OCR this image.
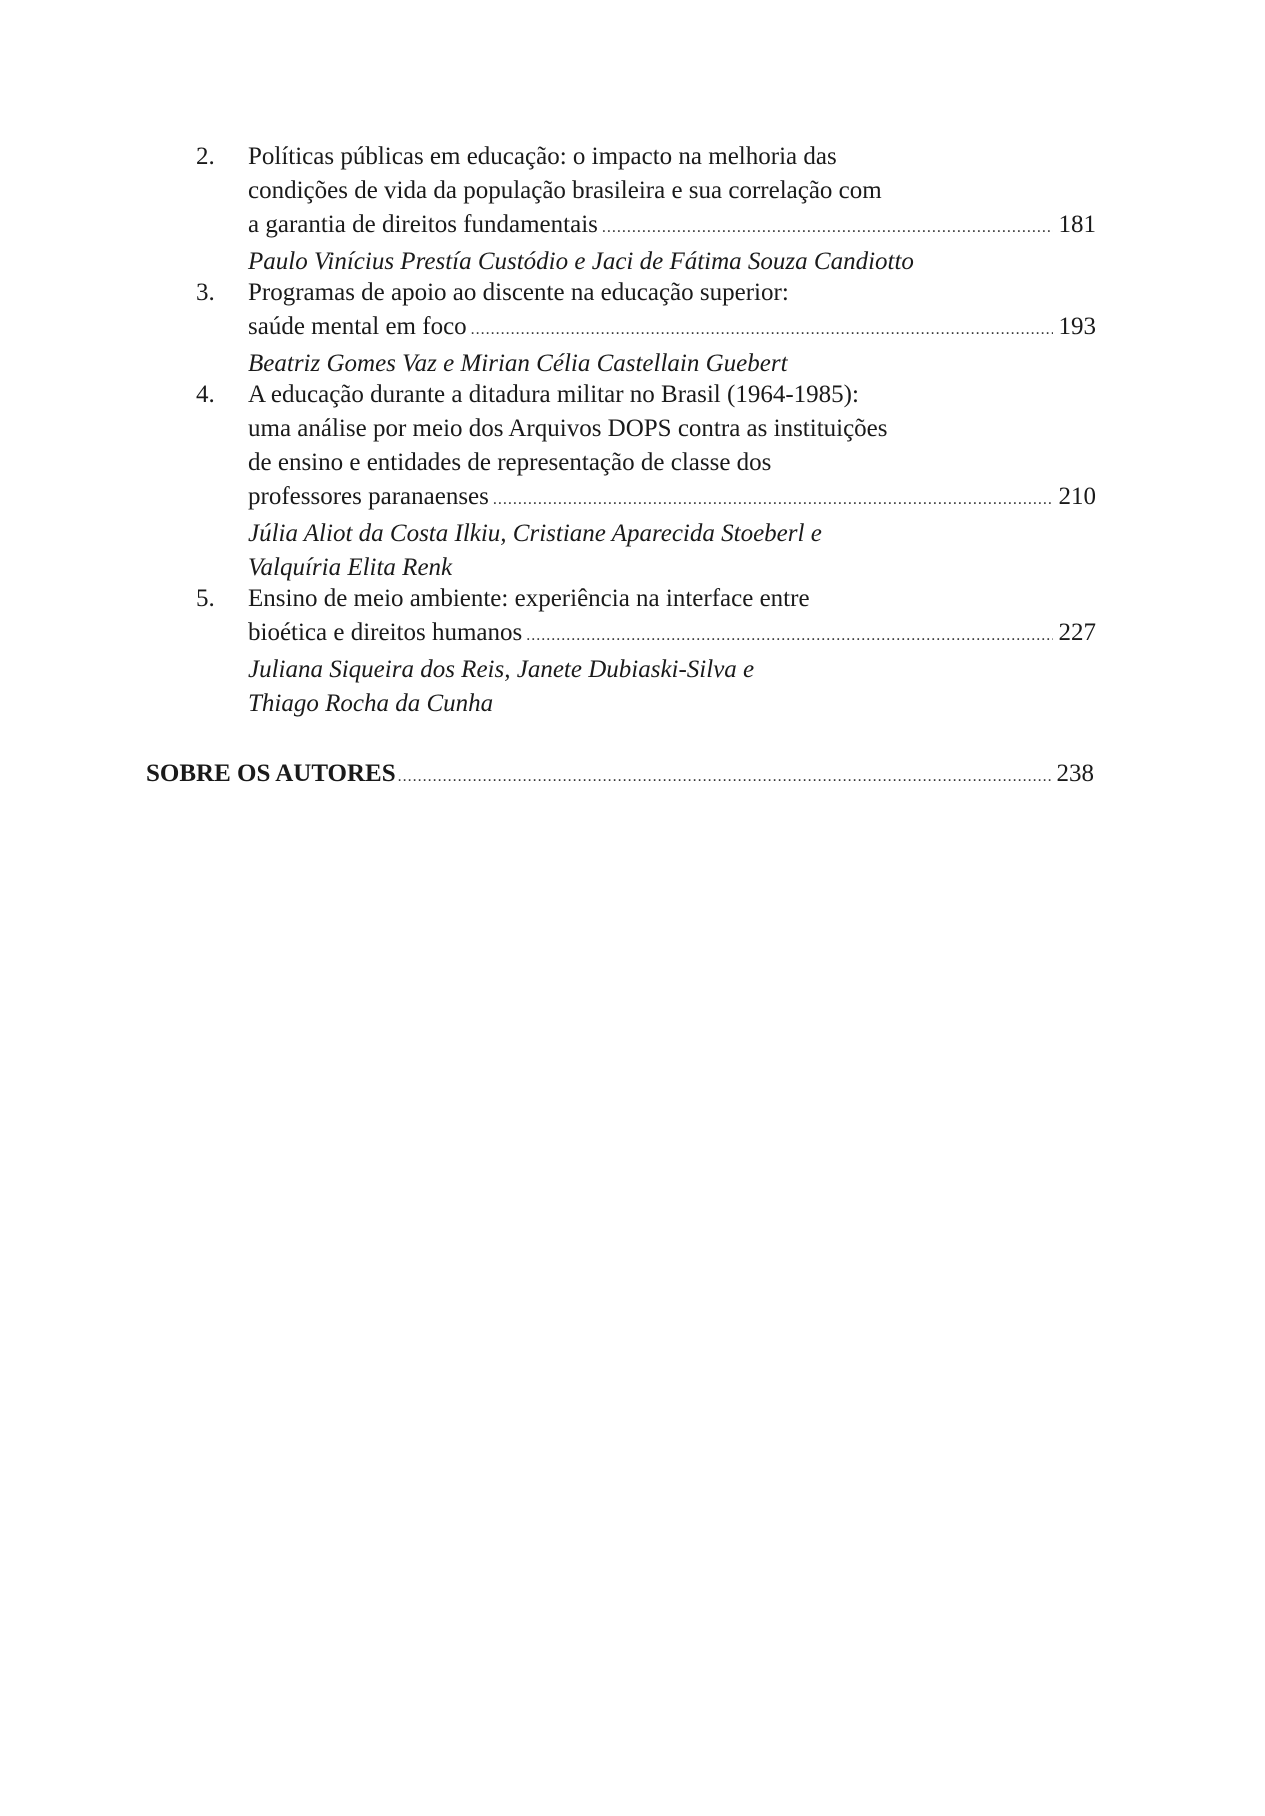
2. Políticas públicas em educação: o impacto na melhoria das
condições de vida da população brasileira e sua correlação com
a garantia de direitos fundamentais .....	181
Paulo Vinícius Prestía Custódio e Jaci de Fátima Souza Candiotto
3. Programas de apoio ao discente na educação superior:
saúde mental em foco .....	193
Beatriz Gomes Vaz e Mirian Célia Castellain Guebert
4. A educação durante a ditadura militar no Brasil (1964-1985):
uma análise por meio dos Arquivos DOPS contra as instituições
de ensino e entidades de representação de classe dos
professores paranaenses .....	210
Júlia Aliot da Costa Ilkiu, Cristiane Aparecida Stoeberl e
Valquíria Elita Renk
5. Ensino de meio ambiente: experiência na interface entre
bioética e direitos humanos .....	227
Juliana Siqueira dos Reis, Janete Dubiaski-Silva e
Thiago Rocha da Cunha
SOBRE OS AUTORES .....	238
